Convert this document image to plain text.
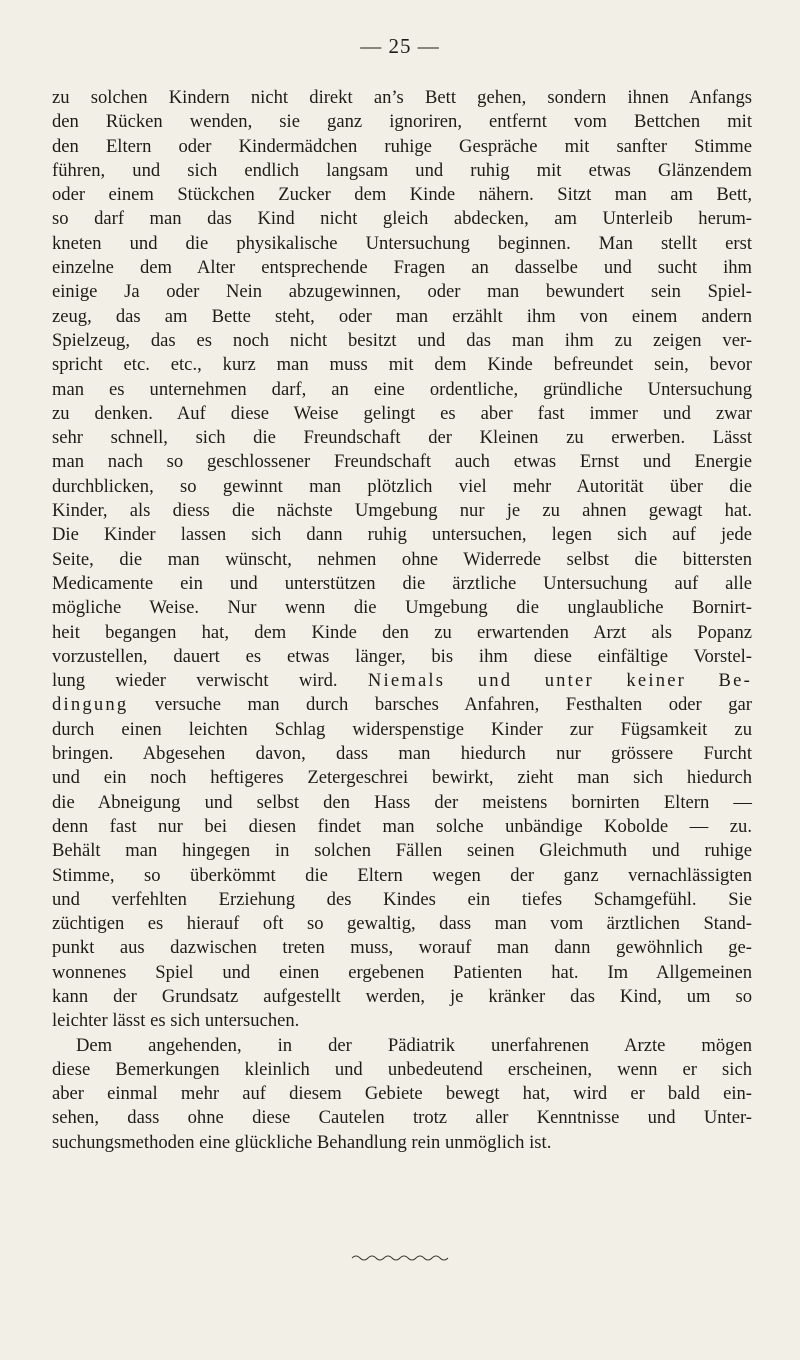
— 25 —
zu solchen Kindern nicht direkt an’s Bett gehen, sondern ihnen Anfangs
den Rücken wenden, sie ganz ignoriren, entfernt vom Bettchen mit
den Eltern oder Kindermädchen ruhige Gespräche mit sanfter Stimme
führen, und sich endlich langsam und ruhig mit etwas Glänzendem
oder einem Stückchen Zucker dem Kinde nähern. Sitzt man am Bett,
so darf man das Kind nicht gleich abdecken, am Unterleib herum-
kneten und die physikalische Untersuchung beginnen. Man stellt erst
einzelne dem Alter entsprechende Fragen an dasselbe und sucht ihm
einige Ja oder Nein abzugewinnen, oder man bewundert sein Spiel-
zeug, das am Bette steht, oder man erzählt ihm von einem andern
Spielzeug, das es noch nicht besitzt und das man ihm zu zeigen ver-
spricht etc. etc., kurz man muss mit dem Kinde befreundet sein, bevor
man es unternehmen darf, an eine ordentliche, gründliche Untersuchung
zu denken. Auf diese Weise gelingt es aber fast immer und zwar
sehr schnell, sich die Freundschaft der Kleinen zu erwerben. Lässt
man nach so geschlossener Freundschaft auch etwas Ernst und Energie
durchblicken, so gewinnt man plötzlich viel mehr Autorität über die
Kinder, als diess die nächste Umgebung nur je zu ahnen gewagt hat.
Die Kinder lassen sich dann ruhig untersuchen, legen sich auf jede
Seite, die man wünscht, nehmen ohne Widerrede selbst die bittersten
Medicamente ein und unterstützen die ärztliche Untersuchung auf alle
mögliche Weise. Nur wenn die Umgebung die unglaubliche Bornirt-
heit begangen hat, dem Kinde den zu erwartenden Arzt als Popanz
vorzustellen, dauert es etwas länger, bis ihm diese einfältige Vorstel-
lung wieder verwischt wird. Niemals und unter keiner Be-
dingung versuche man durch barsches Anfahren, Festhalten oder gar
durch einen leichten Schlag widerspenstige Kinder zur Fügsamkeit zu
bringen. Abgesehen davon, dass man hiedurch nur grössere Furcht
und ein noch heftigeres Zetergeschrei bewirkt, zieht man sich hiedurch
die Abneigung und selbst den Hass der meistens bornirten Eltern —
denn fast nur bei diesen findet man solche unbändige Kobolde — zu.
Behält man hingegen in solchen Fällen seinen Gleichmuth und ruhige
Stimme, so überkömmt die Eltern wegen der ganz vernachlässigten
und verfehlten Erziehung des Kindes ein tiefes Schamgefühl. Sie
züchtigen es hierauf oft so gewaltig, dass man vom ärztlichen Stand-
punkt aus dazwischen treten muss, worauf man dann gewöhnlich ge-
wonnenes Spiel und einen ergebenen Patienten hat. Im Allgemeinen
kann der Grundsatz aufgestellt werden, je kränker das Kind, um so
leichter lässt es sich untersuchen.
Dem angehenden, in der Pädiatrik unerfahrenen Arzte mögen
diese Bemerkungen kleinlich und unbedeutend erscheinen, wenn er sich
aber einmal mehr auf diesem Gebiete bewegt hat, wird er bald ein-
sehen, dass ohne diese Cautelen trotz aller Kenntnisse und Unter-
suchungsmethoden eine glückliche Behandlung rein unmöglich ist.
